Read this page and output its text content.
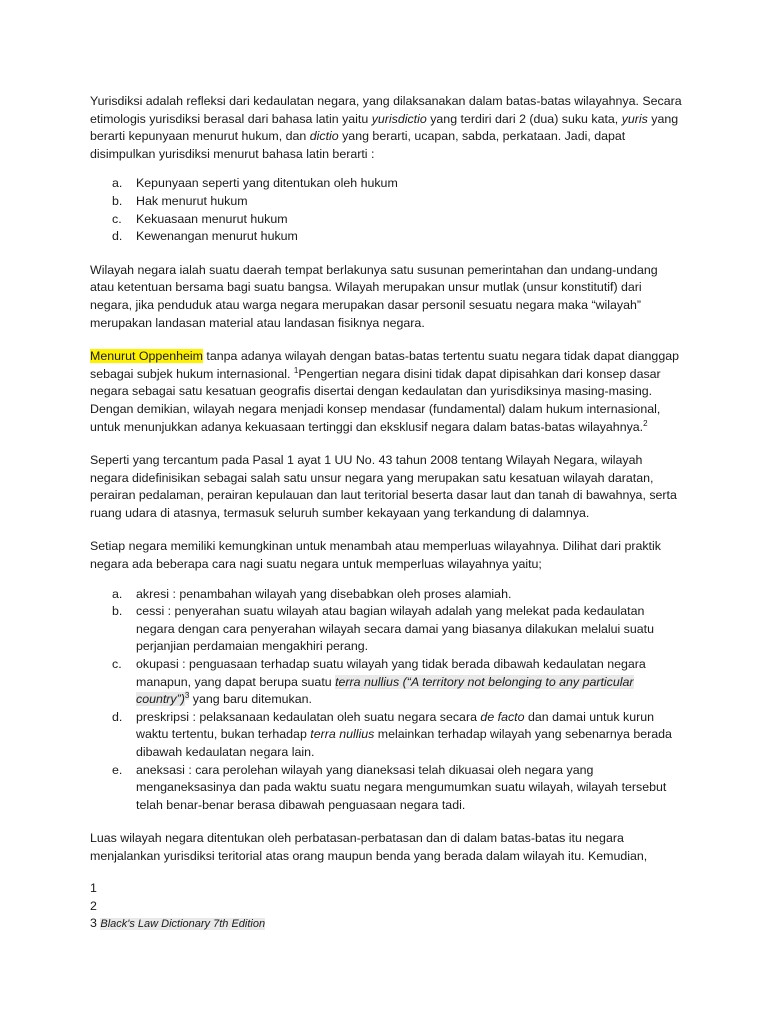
Yurisdiksi adalah refleksi dari kedaulatan negara, yang dilaksanakan dalam batas-batas wilayahnya. Secara etimologis yurisdiksi berasal dari bahasa latin yaitu yurisdictio yang terdiri dari 2 (dua) suku kata, yuris yang berarti kepunyaan menurut hukum, dan dictio yang berarti, ucapan, sabda, perkataan. Jadi, dapat disimpulkan yurisdiksi menurut bahasa latin berarti :

a. Kepunyaan seperti yang ditentukan oleh hukum
b. Hak menurut hukum
c. Kekuasaan menurut hukum
d. Kewenangan menurut hukum

Wilayah negara ialah suatu daerah tempat berlakunya satu susunan pemerintahan dan undang-undang atau ketentuan bersama bagi suatu bangsa. Wilayah merupakan unsur mutlak (unsur konstitutif) dari negara, jika penduduk atau warga negara merupakan dasar personil sesuatu negara maka “wilayah” merupakan landasan material atau landasan fisiknya negara.

Menurut Oppenheim tanpa adanya wilayah dengan batas-batas tertentu suatu negara tidak dapat dianggap sebagai subjek hukum internasional. $^1$Pengertian negara disini tidak dapat dipisahkan dari konsep dasar negara sebagai satu kesatuan geografis disertai dengan kedaulatan dan yurisdiksinya masing-masing. Dengan demikian, wilayah negara menjadi konsep mendasar (fundamental) dalam hukum internasional, untuk menunjukkan adanya kekuasaan tertinggi dan eksklusif negara dalam batas-batas wilayahnya.$^2$

Seperti yang tercantum pada Pasal 1 ayat 1 UU No. 43 tahun 2008 tentang Wilayah Negara, wilayah negara didefinisikan sebagai salah satu unsur negara yang merupakan satu kesatuan wilayah daratan, perairan pedalaman, perairan kepulauan dan laut teritorial beserta dasar laut dan tanah di bawahnya, serta ruang udara di atasnya, termasuk seluruh sumber kekayaan yang terkandung di dalamnya.

Setiap negara memiliki kemungkinan untuk menambah atau memperluas wilayahnya. Dilihat dari praktik negara ada beberapa cara nagi suatu negara untuk memperluas wilayahnya yaitu;

a. akresi : penambahan wilayah yang disebabkan oleh proses alamiah.
b. cessi : penyerahan suatu wilayah atau bagian wilayah adalah yang melekat pada kedaulatan negara dengan cara penyerahan wilayah secara damai yang biasanya dilakukan melalui suatu perjanjian perdamaian mengakhiri perang.
c. okupasi : penguasaan terhadap suatu wilayah yang tidak berada dibawah kedaulatan negara manapun, yang dapat berupa suatu terra nullius (“A territory not belonging to any particular country”)$^3$ yang baru ditemukan.
d. preskripsi : pelaksanaan kedaulatan oleh suatu negara secara de facto dan damai untuk kurun waktu tertentu, bukan terhadap terra nullius melainkan terhadap wilayah yang sebenarnya berada dibawah kedaulatan negara lain.
e. aneksasi : cara perolehan wilayah yang dianeksasi telah dikuasai oleh negara yang menganeksasinya dan pada waktu suatu negara mengumumkan suatu wilayah, wilayah tersebut telah benar-benar berasa dibawah penguasaan negara tadi.

Luas wilayah negara ditentukan oleh perbatasan-perbatasan dan di dalam batas-batas itu negara menjalankan yurisdiksi teritorial atas orang maupun benda yang berada dalam wilayah itu. Kemudian,

1
2
3 Black's Law Dictionary 7th Edition
